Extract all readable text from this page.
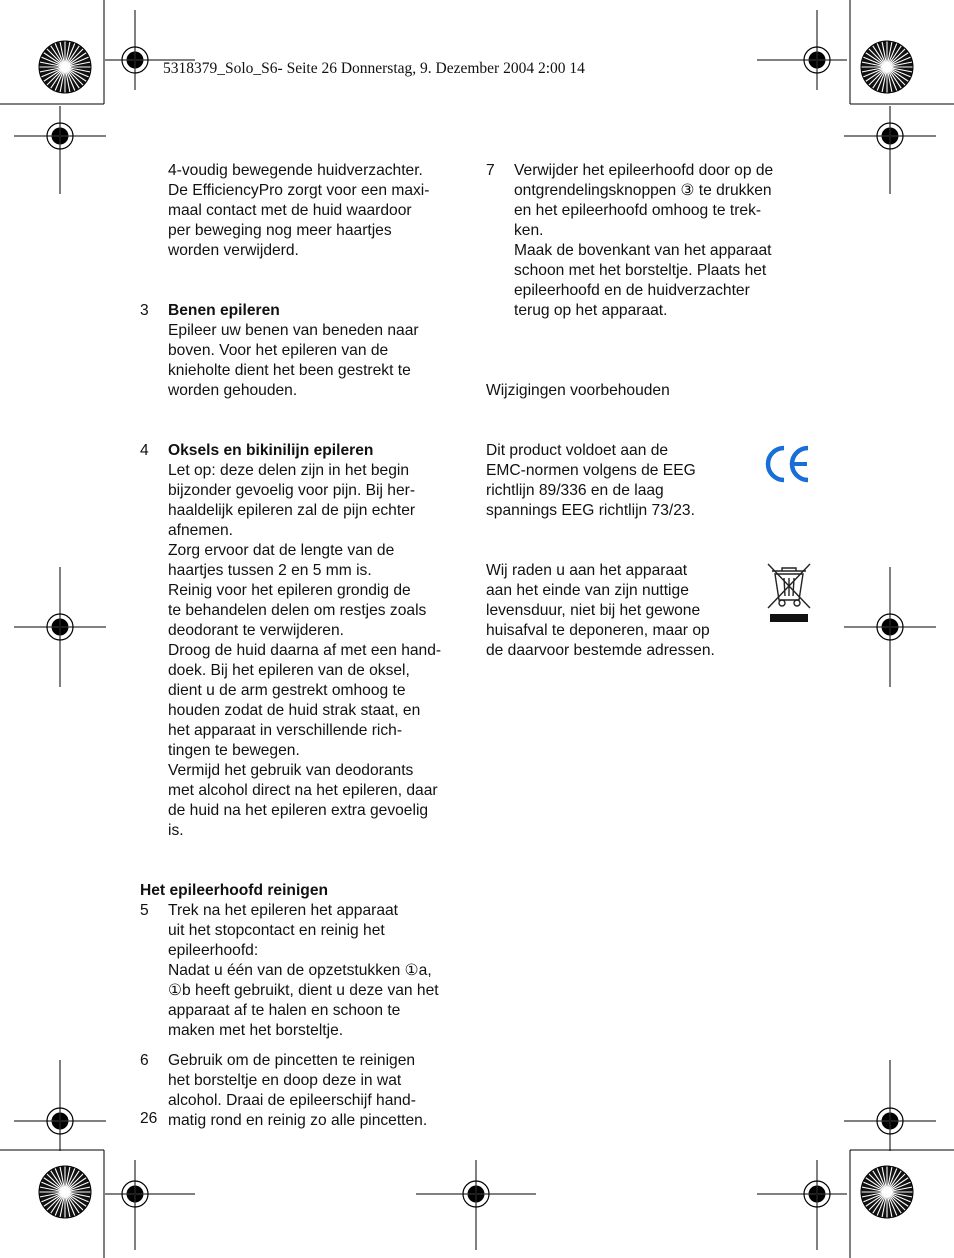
5318379_Solo_S6- Seite 26 Donnerstag, 9. Dezember 2004 2:00 14
4-voudig bewegende huidverzachter.
De EfficiencyPro zorgt voor een maxi-
maal contact met de huid waardoor
per beweging nog meer haartjes
worden verwijderd.
3 Benen epileren
Epileer uw benen van beneden naar
boven. Voor het epileren van de
knieholte dient het been gestrekt te
worden gehouden.
4 Oksels en bikinilijn epileren
Let op: deze delen zijn in het begin
bijzonder gevoelig voor pijn. Bij her-
haaldelijk epileren zal de pijn echter
afnemen.
Zorg ervoor dat de lengte van de
haartjes tussen 2 en 5 mm is.
Reinig voor het epileren grondig de
te behandelen delen om restjes zoals
deodorant te verwijderen.
Droog de huid daarna af met een hand-
doek. Bij het epileren van de oksel,
dient u de arm gestrekt omhoog te
houden zodat de huid strak staat, en
het apparaat in verschillende rich-
tingen te bewegen.
Vermijd het gebruik van deodorants
met alcohol direct na het epileren, daar
de huid na het epileren extra gevoelig
is.
Het epileerhoofd reinigen
5 Trek na het epileren het apparaat
uit het stopcontact en reinig het
epileerhoofd:
Nadat u één van de opzetstukken ①a,
①b heeft gebruikt, dient u deze van het
apparaat af te halen en schoon te
maken met het borsteltje.
6 Gebruik om de pincetten te reinigen
het borsteltje en doop deze in wat
alcohol. Draai de epileerschijf hand-
matig rond en reinig zo alle pincetten.
7 Verwijder het epileerhoofd door op de
ontgrendelingsknoppen ③ te drukken
en het epileerhoofd omhoog te trek-
ken.
Maak de bovenkant van het apparaat
schoon met het borsteltje. Plaats het
epileerhoofd en de huidverzachter
terug op het apparaat.
Wijzigingen voorbehouden
Dit product voldoet aan de
EMC-normen volgens de EEG
richtlijn 89/336 en de laag
spannings EEG richtlijn 73/23.
Wij raden u aan het apparaat
aan het einde van zijn nuttige
levensduur, niet bij het gewone
huisafval te deponeren, maar op
de daarvoor bestemde adressen.
26
